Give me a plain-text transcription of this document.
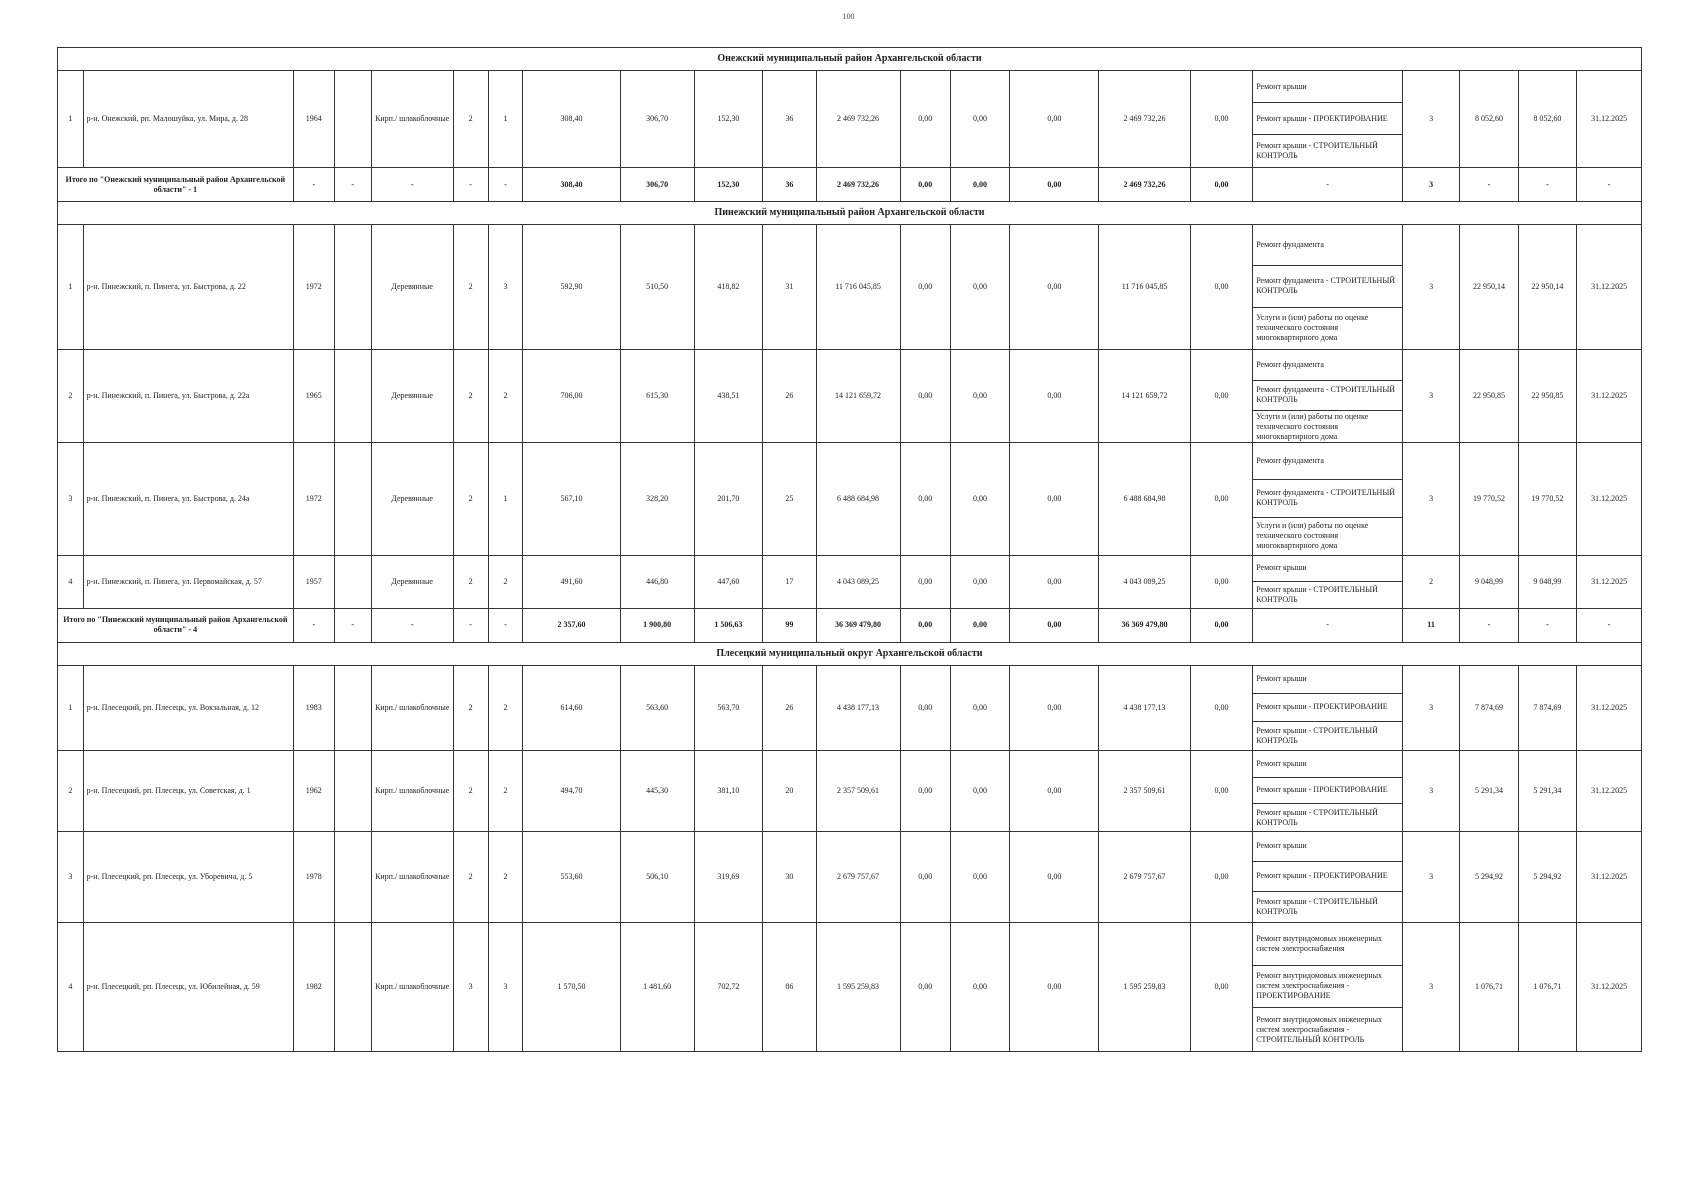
100
Онежский муниципальный район Архангельской области																					
1	р-н. Онежский, рп. Малошуйка, ул. Мира, д. 28	1964		Кирп./ шлакоблочные	2	1	308,40	306,70	152,30	36	2 469 732,26	0,00	0,00	0,00	2 469 732,26	0,00	Ремонт крыши
Ремонт крыши - ПРОЕКТИРОВАНИЕ
Ремонт крыши - СТРОИТЕЛЬНЫЙ КОНТРОЛЬ	3	8 052,60	8 052,60	31.12.2025
Итого по "Онежский муниципальный район Архангельской области" - 1		-	-	-	-	-	308,40	306,70	152,30	36	2 469 732,26	0,00	0,00	0,00	2 469 732,26	0,00	-	3	-	-	-
Пинежский муниципальный район Архангельской области																					
1	р-н. Пинежский, п. Пинега, ул. Быстрова, д. 22	1972		Деревянные	2	3	592,90	510,50	418,82	31	11 716 045,85	0,00	0,00	0,00	11 716 045,85	0,00	Ремонт фундамента
Ремонт фундамента - СТРОИТЕЛЬНЫЙ КОНТРОЛЬ
Услуги и (или) работы по оценке технического состояния многоквартирного дома	3	22 950,14	22 950,14	31.12.2025
2	р-н. Пинежский, п. Пинега, ул. Быстрова, д. 22а	1965		Деревянные	2	2	706,00	615,30	438,51	26	14 121 659,72	0,00	0,00	0,00	14 121 659,72	0,00	Ремонт фундамента
Ремонт фундамента - СТРОИТЕЛЬНЫЙ КОНТРОЛЬ
Услуги и (или) работы по оценке технического состояния многоквартирного дома	3	22 950,85	22 950,85	31.12.2025
3	р-н. Пинежский, п. Пинега, ул. Быстрова, д. 24а	1972		Деревянные	2	1	567,10	328,20	201,70	25	6 488 684,98	0,00	0,00	0,00	6 488 684,98	0,00	Ремонт фундамента
Ремонт фундамента - СТРОИТЕЛЬНЫЙ КОНТРОЛЬ
Услуги и (или) работы по оценке технического состояния многоквартирного дома	3	19 770,52	19 770,52	31.12.2025
4	р-н. Пинежский, п. Пинега, ул. Первомайская, д. 57	1957		Деревянные	2	2	491,60	446,80	447,60	17	4 043 089,25	0,00	0,00	0,00	4 043 089,25	0,00	Ремонт крыши
Ремонт крыши - СТРОИТЕЛЬНЫЙ КОНТРОЛЬ	2	9 048,99	9 048,99	31.12.2025
Итого по "Пинежский муниципальный район Архангельской области" - 4		-	-	-	-	-	2 357,60	1 900,80	1 506,63	99	36 369 479,80	0,00	0,00	0,00	36 369 479,80	0,00	-	11	-	-	-
Плесецкий муниципальный округ Архангельской области																					
1	р-н. Плесецкий, рп. Плесецк, ул. Вокзальная, д. 12	1983		Кирп./ шлакоблочные	2	2	614,60	563,60	563,70	26	4 438 177,13	0,00	0,00	0,00	4 438 177,13	0,00	Ремонт крыши
Ремонт крыши - ПРОЕКТИРОВАНИЕ
Ремонт крыши - СТРОИТЕЛЬНЫЙ КОНТРОЛЬ	3	7 874,69	7 874,69	31.12.2025
2	р-н. Плесецкий, рп. Плесецк, ул. Советская, д. 1	1962		Кирп./ шлакоблочные	2	2	494,70	445,30	381,10	20	2 357 509,61	0,00	0,00	0,00	2 357 509,61	0,00	Ремонт крыши
Ремонт крыши - ПРОЕКТИРОВАНИЕ
Ремонт крыши - СТРОИТЕЛЬНЫЙ КОНТРОЛЬ	3	5 291,34	5 291,34	31.12.2025
3	р-н. Плесецкий, рп. Плесецк, ул. Уборевича, д. 5	1978		Кирп./ шлакоблочные	2	2	553,60	506,10	319,69	30	2 679 757,67	0,00	0,00	0,00	2 679 757,67	0,00	Ремонт крыши
Ремонт крыши - ПРОЕКТИРОВАНИЕ
Ремонт крыши - СТРОИТЕЛЬНЫЙ КОНТРОЛЬ	3	5 294,92	5 294,92	31.12.2025
4	р-н. Плесецкий, рп. Плесецк, ул. Юбилейная, д. 59	1982		Кирп./ шлакоблочные	3	3	1 570,50	1 481,60	702,72	86	1 595 259,83	0,00	0,00	0,00	1 595 259,83	0,00	Ремонт внутридомовых инженерных систем электроснабжения
Ремонт внутридомовых инженерных систем электроснабжения - ПРОЕКТИРОВАНИЕ
Ремонт внутридомовых инженерных систем электроснабжения - СТРОИТЕЛЬНЫЙ КОНТРОЛЬ	3	1 076,71	1 076,71	31.12.2025
